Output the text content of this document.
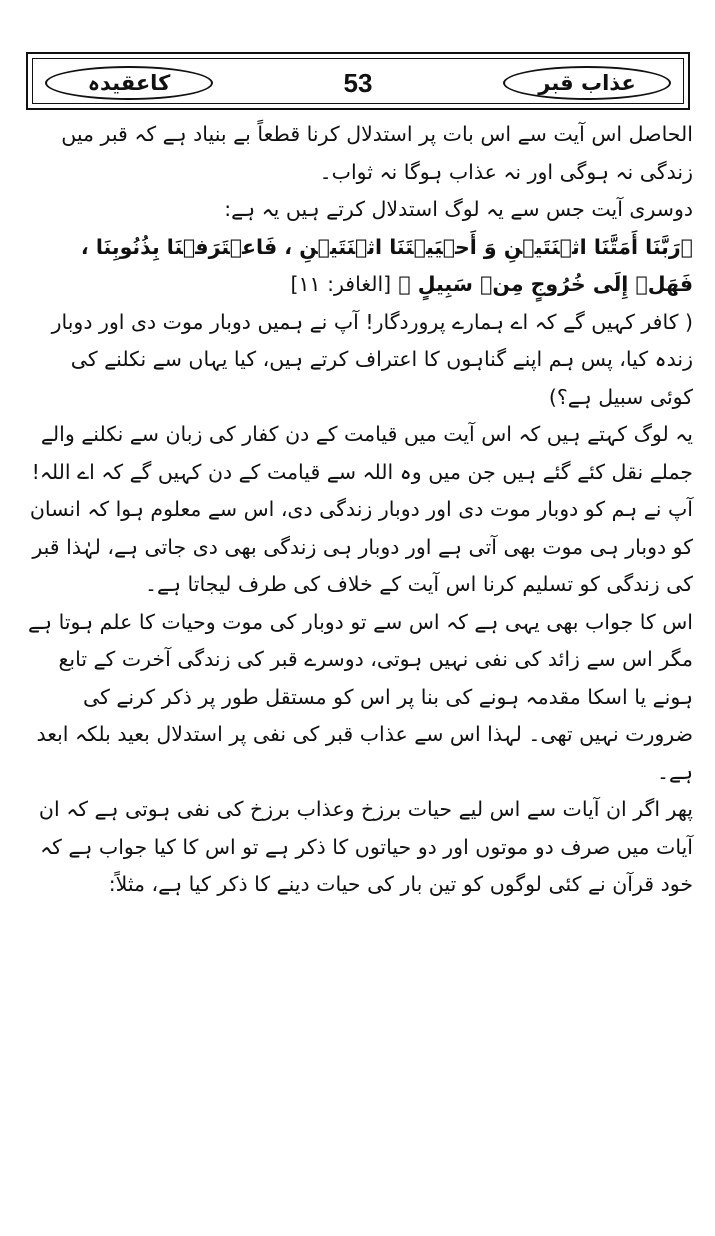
کاعقیدہ	53	عذاب قبر

الحاصل اس آیت سے اس بات پر استدلال کرنا قطعاً بے بنیاد ہے کہ قبر میں زندگی نہ ہوگی اور نہ عذاب ہوگا نہ ثواب۔

دوسری آیت جس سے یہ لوگ استدلال کرتے ہیں یہ ہے:

﴿رَبَّنَا أَمَتَّنَا اثۡنَتَيۡنِ وَ أَحۡيَيۡتَنَا اثۡنَتَيۡنِ ، فَاعۡتَرَفۡنَا بِذُنُوبِنَا ، فَهَلۡ إِلَى خُرُوجٍ مِنۡ سَبِيلٍ ﴾ [الغافر: ۱۱]

( کافر کہیں گے کہ اے ہمارے پروردگار! آپ نے ہمیں دوبار موت دی اور دوبار زندہ کیا، پس ہم اپنے گناہوں کا اعتراف کرتے ہیں، کیا یہاں سے نکلنے کی کوئی سبیل ہے؟)

یہ لوگ کہتے ہیں کہ اس آیت میں قیامت کے دن کفار کی زبان سے نکلنے والے جملے نقل کئے گئے ہیں جن میں وہ اللہ سے قیامت کے دن کہیں گے کہ اے اللہ! آپ نے ہم کو دوبار موت دی اور دوبار زندگی دی، اس سے معلوم ہوا کہ انسان کو دوبار ہی موت بھی آتی ہے اور دوبار ہی زندگی بھی دی جاتی ہے، لہٰذا قبر کی زندگی کو تسلیم کرنا اس آیت کے خلاف کی طرف لیجاتا ہے۔

اس کا جواب بھی یہی ہے کہ اس سے تو دوبار کی موت وحیات کا علم ہوتا ہے مگر اس سے زائد کی نفی نہیں ہوتی، دوسرے قبر کی زندگی آخرت کے تابع ہونے یا اسکا مقدمہ ہونے کی بنا پر اس کو مستقل طور پر ذکر کرنے کی ضرورت نہیں تھی۔ لہذا اس سے عذاب قبر کی نفی پر استدلال بعید بلکہ ابعد ہے۔

پھر اگر ان آیات سے اس لیے حیات برزخ وعذاب برزخ کی نفی ہوتی ہے کہ ان آیات میں صرف دو موتوں اور دو حیاتوں کا ذکر ہے تو اس کا کیا جواب ہے کہ خود قرآن نے کئی لوگوں کو تین بار کی حیات دینے کا ذکر کیا ہے، مثلاً:
